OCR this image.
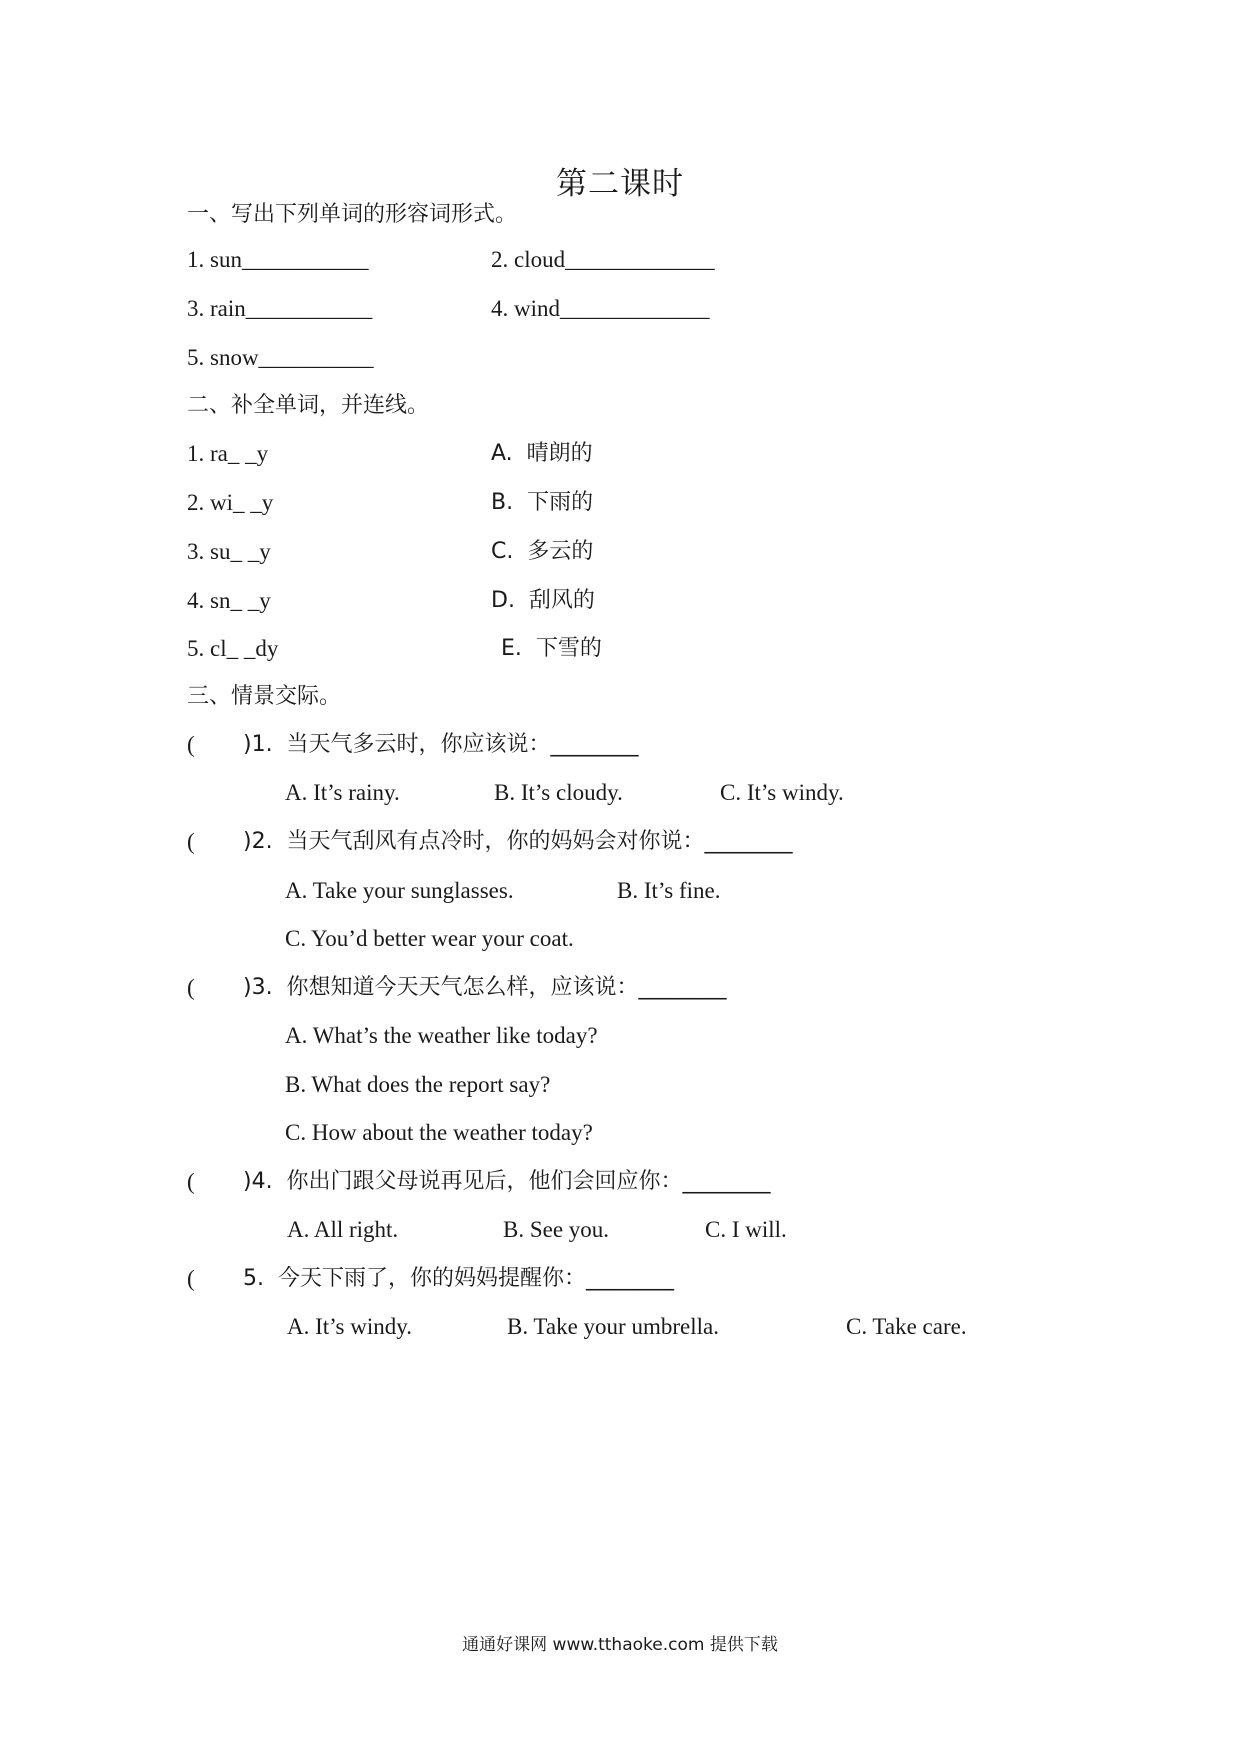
第二课时
一、写出下列单词的形容词形式。
1. sun___________	2. cloud_____________
3. rain___________	4. wind_____________
5. snow__________
二、补全单词，并连线。
1. ra_ _y	A.  晴朗的
2. wi_ _y	B.  下雨的
3. su_ _y	C.  多云的
4. sn_ _y	D.  刮风的
5. cl_ _dy	E.  下雪的
三、情景交际。
( )1.  当天气多云时，你应该说：________
A. It’s rainy.	B. It’s cloudy.	C. It’s windy.
( )2.  当天气刮风有点冷时，你的妈妈会对你说：________
A. Take your sunglasses.	B. It’s fine.
C. You’d better wear your coat.
( )3.  你想知道今天天气怎么样，应该说：________
A. What’s the weather like today?
B. What does the report say?
C. How about the weather today?
( )4.  你出门跟父母说再见后，他们会回应你：________
A. All right.	B. See you.	C. I will.
( 5.  今天下雨了，你的妈妈提醒你：________
A. It’s windy.	B. Take your umbrella.	C. Take care.
通通好课网 www.tthaoke.com 提供下载
